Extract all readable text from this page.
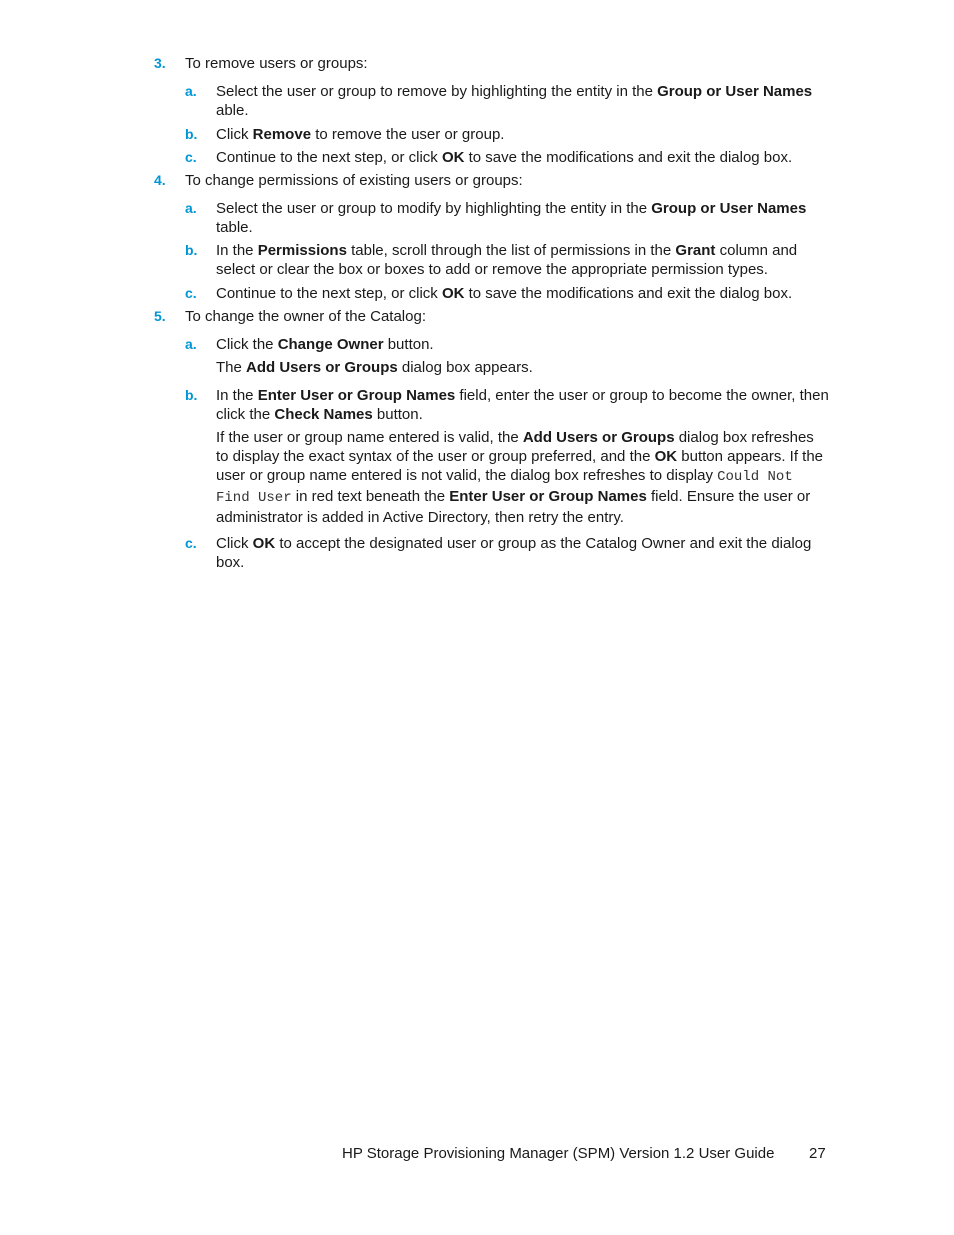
3. To remove users or groups:
a. Select the user or group to remove by highlighting the entity in the Group or User Names able.
b. Click Remove to remove the user or group.
c. Continue to the next step, or click OK to save the modifications and exit the dialog box.
4. To change permissions of existing users or groups:
a. Select the user or group to modify by highlighting the entity in the Group or User Names table.
b. In the Permissions table, scroll through the list of permissions in the Grant column and select or clear the box or boxes to add or remove the appropriate permission types.
c. Continue to the next step, or click OK to save the modifications and exit the dialog box.
5. To change the owner of the Catalog:
a. Click the Change Owner button.
The Add Users or Groups dialog box appears.
b. In the Enter User or Group Names field, enter the user or group to become the owner, then click the Check Names button.
If the user or group name entered is valid, the Add Users or Groups dialog box refreshes to display the exact syntax of the user or group preferred, and the OK button appears. If the user or group name entered is not valid, the dialog box refreshes to display Could Not Find User in red text beneath the Enter User or Group Names field. Ensure the user or administrator is added in Active Directory, then retry the entry.
c. Click OK to accept the designated user or group as the Catalog Owner and exit the dialog box.
HP Storage Provisioning Manager (SPM) Version 1.2 User Guide 27
